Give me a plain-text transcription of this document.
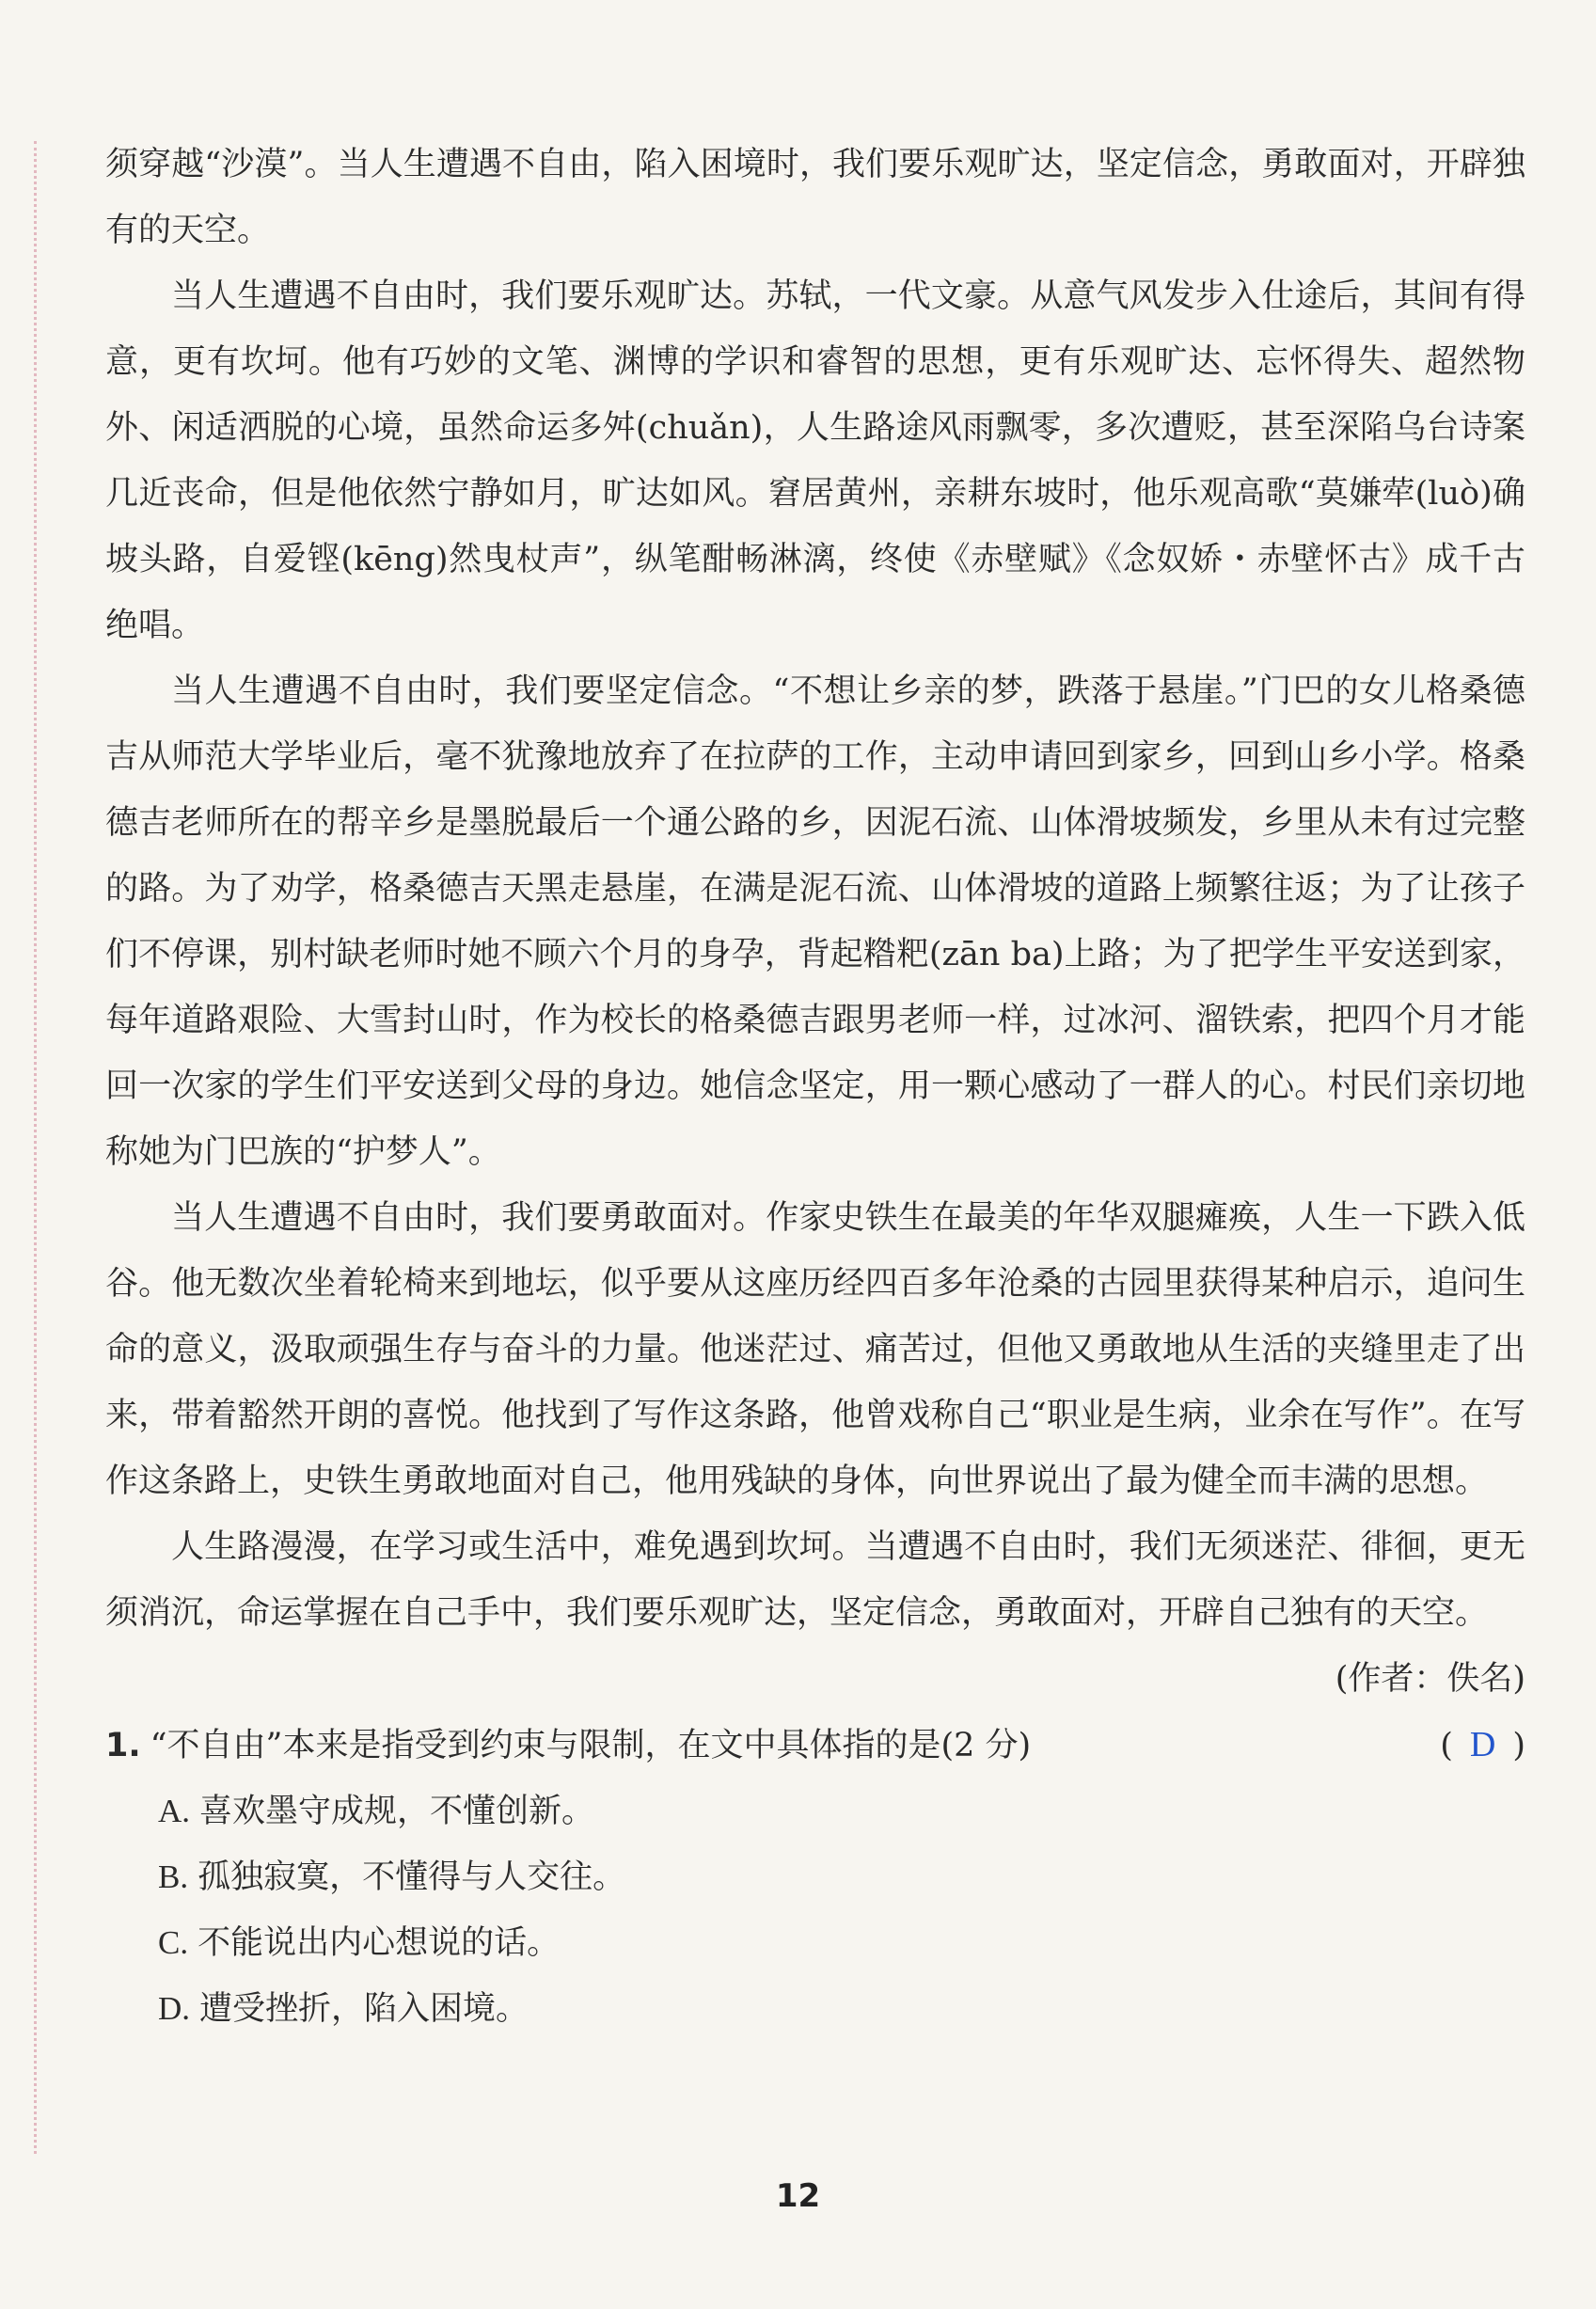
须穿越“沙漠”。当人生遭遇不自由，陷入困境时，我们要乐观旷达，坚定信念，勇敢面对，开辟独有的天空。

当人生遭遇不自由时，我们要乐观旷达。苏轼，一代文豪。从意气风发步入仕途后，其间有得意，更有坎坷。他有巧妙的文笔、渊博的学识和睿智的思想，更有乐观旷达、忘怀得失、超然物外、闲适洒脱的心境，虽然命运多舛(chuǎn)，人生路途风雨飘零，多次遭贬，甚至深陷乌台诗案几近丧命，但是他依然宁静如月，旷达如风。窘居黄州，亲耕东坡时，他乐观高歌“莫嫌荦(luò)确坡头路，自爱铿(kēng)然曳杖声”，纵笔酣畅淋漓，终使《赤壁赋》《念奴娇・赤壁怀古》成千古绝唱。

当人生遭遇不自由时，我们要坚定信念。“不想让乡亲的梦，跌落于悬崖。”门巴的女儿格桑德吉从师范大学毕业后，毫不犹豫地放弃了在拉萨的工作，主动申请回到家乡，回到山乡小学。格桑德吉老师所在的帮辛乡是墨脱最后一个通公路的乡，因泥石流、山体滑坡频发，乡里从未有过完整的路。为了劝学，格桑德吉天黑走悬崖，在满是泥石流、山体滑坡的道路上频繁往返；为了让孩子们不停课，别村缺老师时她不顾六个月的身孕，背起糌粑(zān ba)上路；为了把学生平安送到家，每年道路艰险、大雪封山时，作为校长的格桑德吉跟男老师一样，过冰河、溜铁索，把四个月才能回一次家的学生们平安送到父母的身边。她信念坚定，用一颗心感动了一群人的心。村民们亲切地称她为门巴族的“护梦人”。

当人生遭遇不自由时，我们要勇敢面对。作家史铁生在最美的年华双腿瘫痪，人生一下跌入低谷。他无数次坐着轮椅来到地坛，似乎要从这座历经四百多年沧桑的古园里获得某种启示，追问生命的意义，汲取顽强生存与奋斗的力量。他迷茫过、痛苦过，但他又勇敢地从生活的夹缝里走了出来，带着豁然开朗的喜悦。他找到了写作这条路，他曾戏称自己“职业是生病，业余在写作”。在写作这条路上，史铁生勇敢地面对自己，他用残缺的身体，向世界说出了最为健全而丰满的思想。

人生路漫漫，在学习或生活中，难免遇到坎坷。当遭遇不自由时，我们无须迷茫、徘徊，更无须消沉，命运掌握在自己手中，我们要乐观旷达，坚定信念，勇敢面对，开辟自己独有的天空。

(作者：佚名)

1. “不自由”本来是指受到约束与限制，在文中具体指的是(2 分)	( D )

A. 喜欢墨守成规，不懂创新。

B. 孤独寂寞，不懂得与人交往。

C. 不能说出内心想说的话。

D. 遭受挫折，陷入困境。

12
